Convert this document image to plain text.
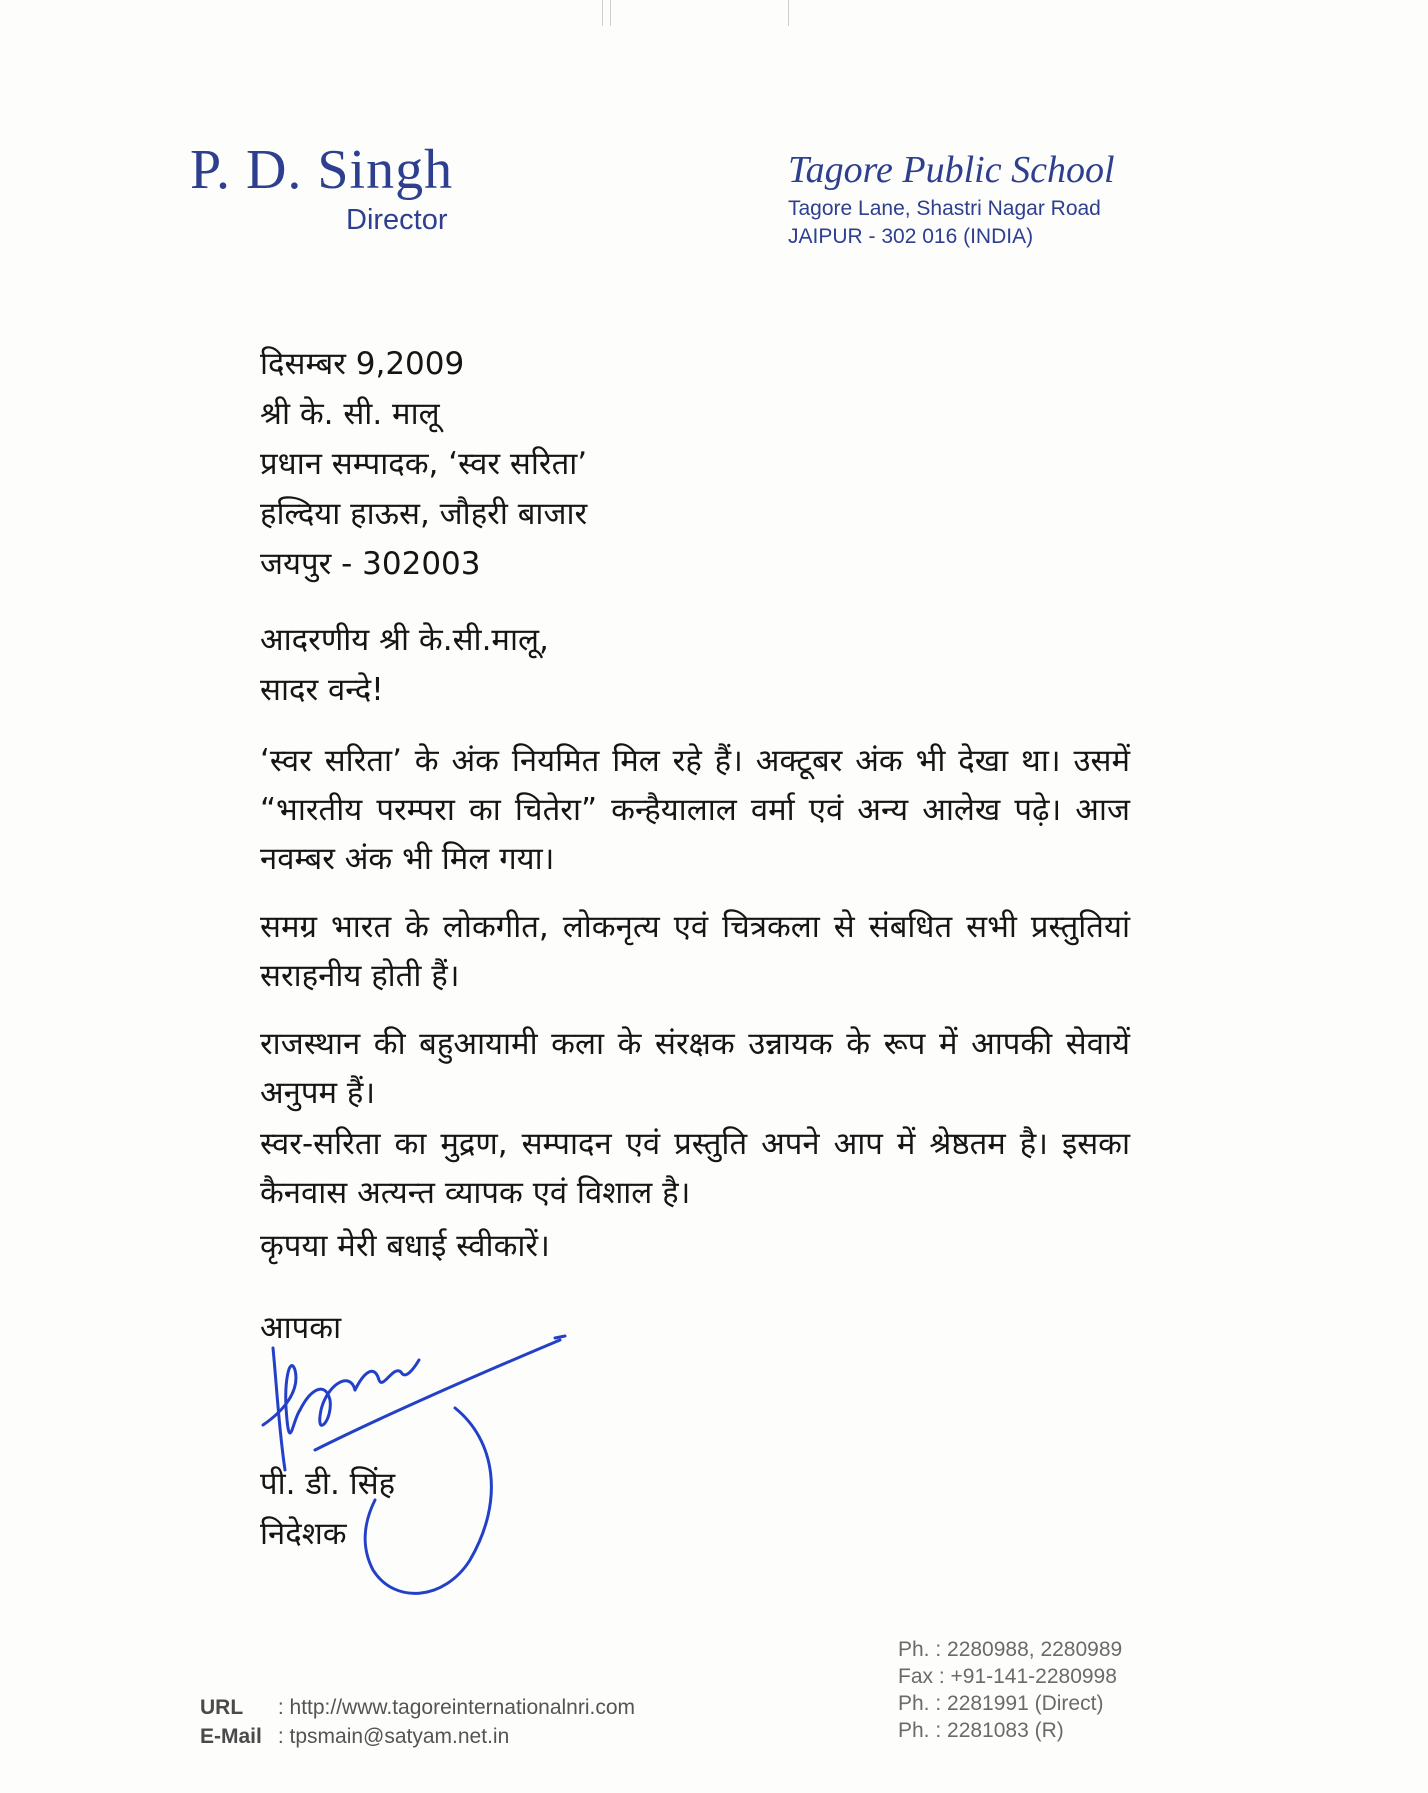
P. D. Singh
Director
Tagore Public School
Tagore Lane, Shastri Nagar Road
JAIPUR - 302 016 (INDIA)
दिसम्बर 9,2009
श्री के. सी. मालू
प्रधान सम्पादक, ‘स्वर सरिता’
हल्दिया हाऊस, जौहरी बाजार
जयपुर - 302003
आदरणीय श्री के.सी.मालू,
सादर वन्दे!
‘स्वर सरिता’ के अंक नियमित मिल रहे हैं। अक्टूबर अंक भी देखा था। उसमें “भारतीय परम्परा का चितेरा” कन्हैयालाल वर्मा एवं अन्य आलेख पढ़े। आज नवम्बर अंक भी मिल गया।
समग्र भारत के लोकगीत, लोकनृत्य एवं चित्रकला से संबधित सभी प्रस्तुतियां सराहनीय होती हैं।
राजस्थान की बहुआयामी कला के संरक्षक उन्नायक के रूप में आपकी सेवायें अनुपम हैं।
स्वर-सरिता का मुद्रण, सम्पादन एवं प्रस्तुति अपने आप में श्रेष्ठतम है। इसका कैनवास अत्यन्त व्यापक एवं विशाल है।
कृपया मेरी बधाई स्वीकारें।
आपका
पी. डी. सिंह
निदेशक
URL : http://www.tagoreinternationalnri.com
E-Mail : tpsmain@satyam.net.in
Ph. : 2280988, 2280989
Fax : +91-141-2280998
Ph. : 2281991 (Direct)
Ph. : 2281083 (R)
